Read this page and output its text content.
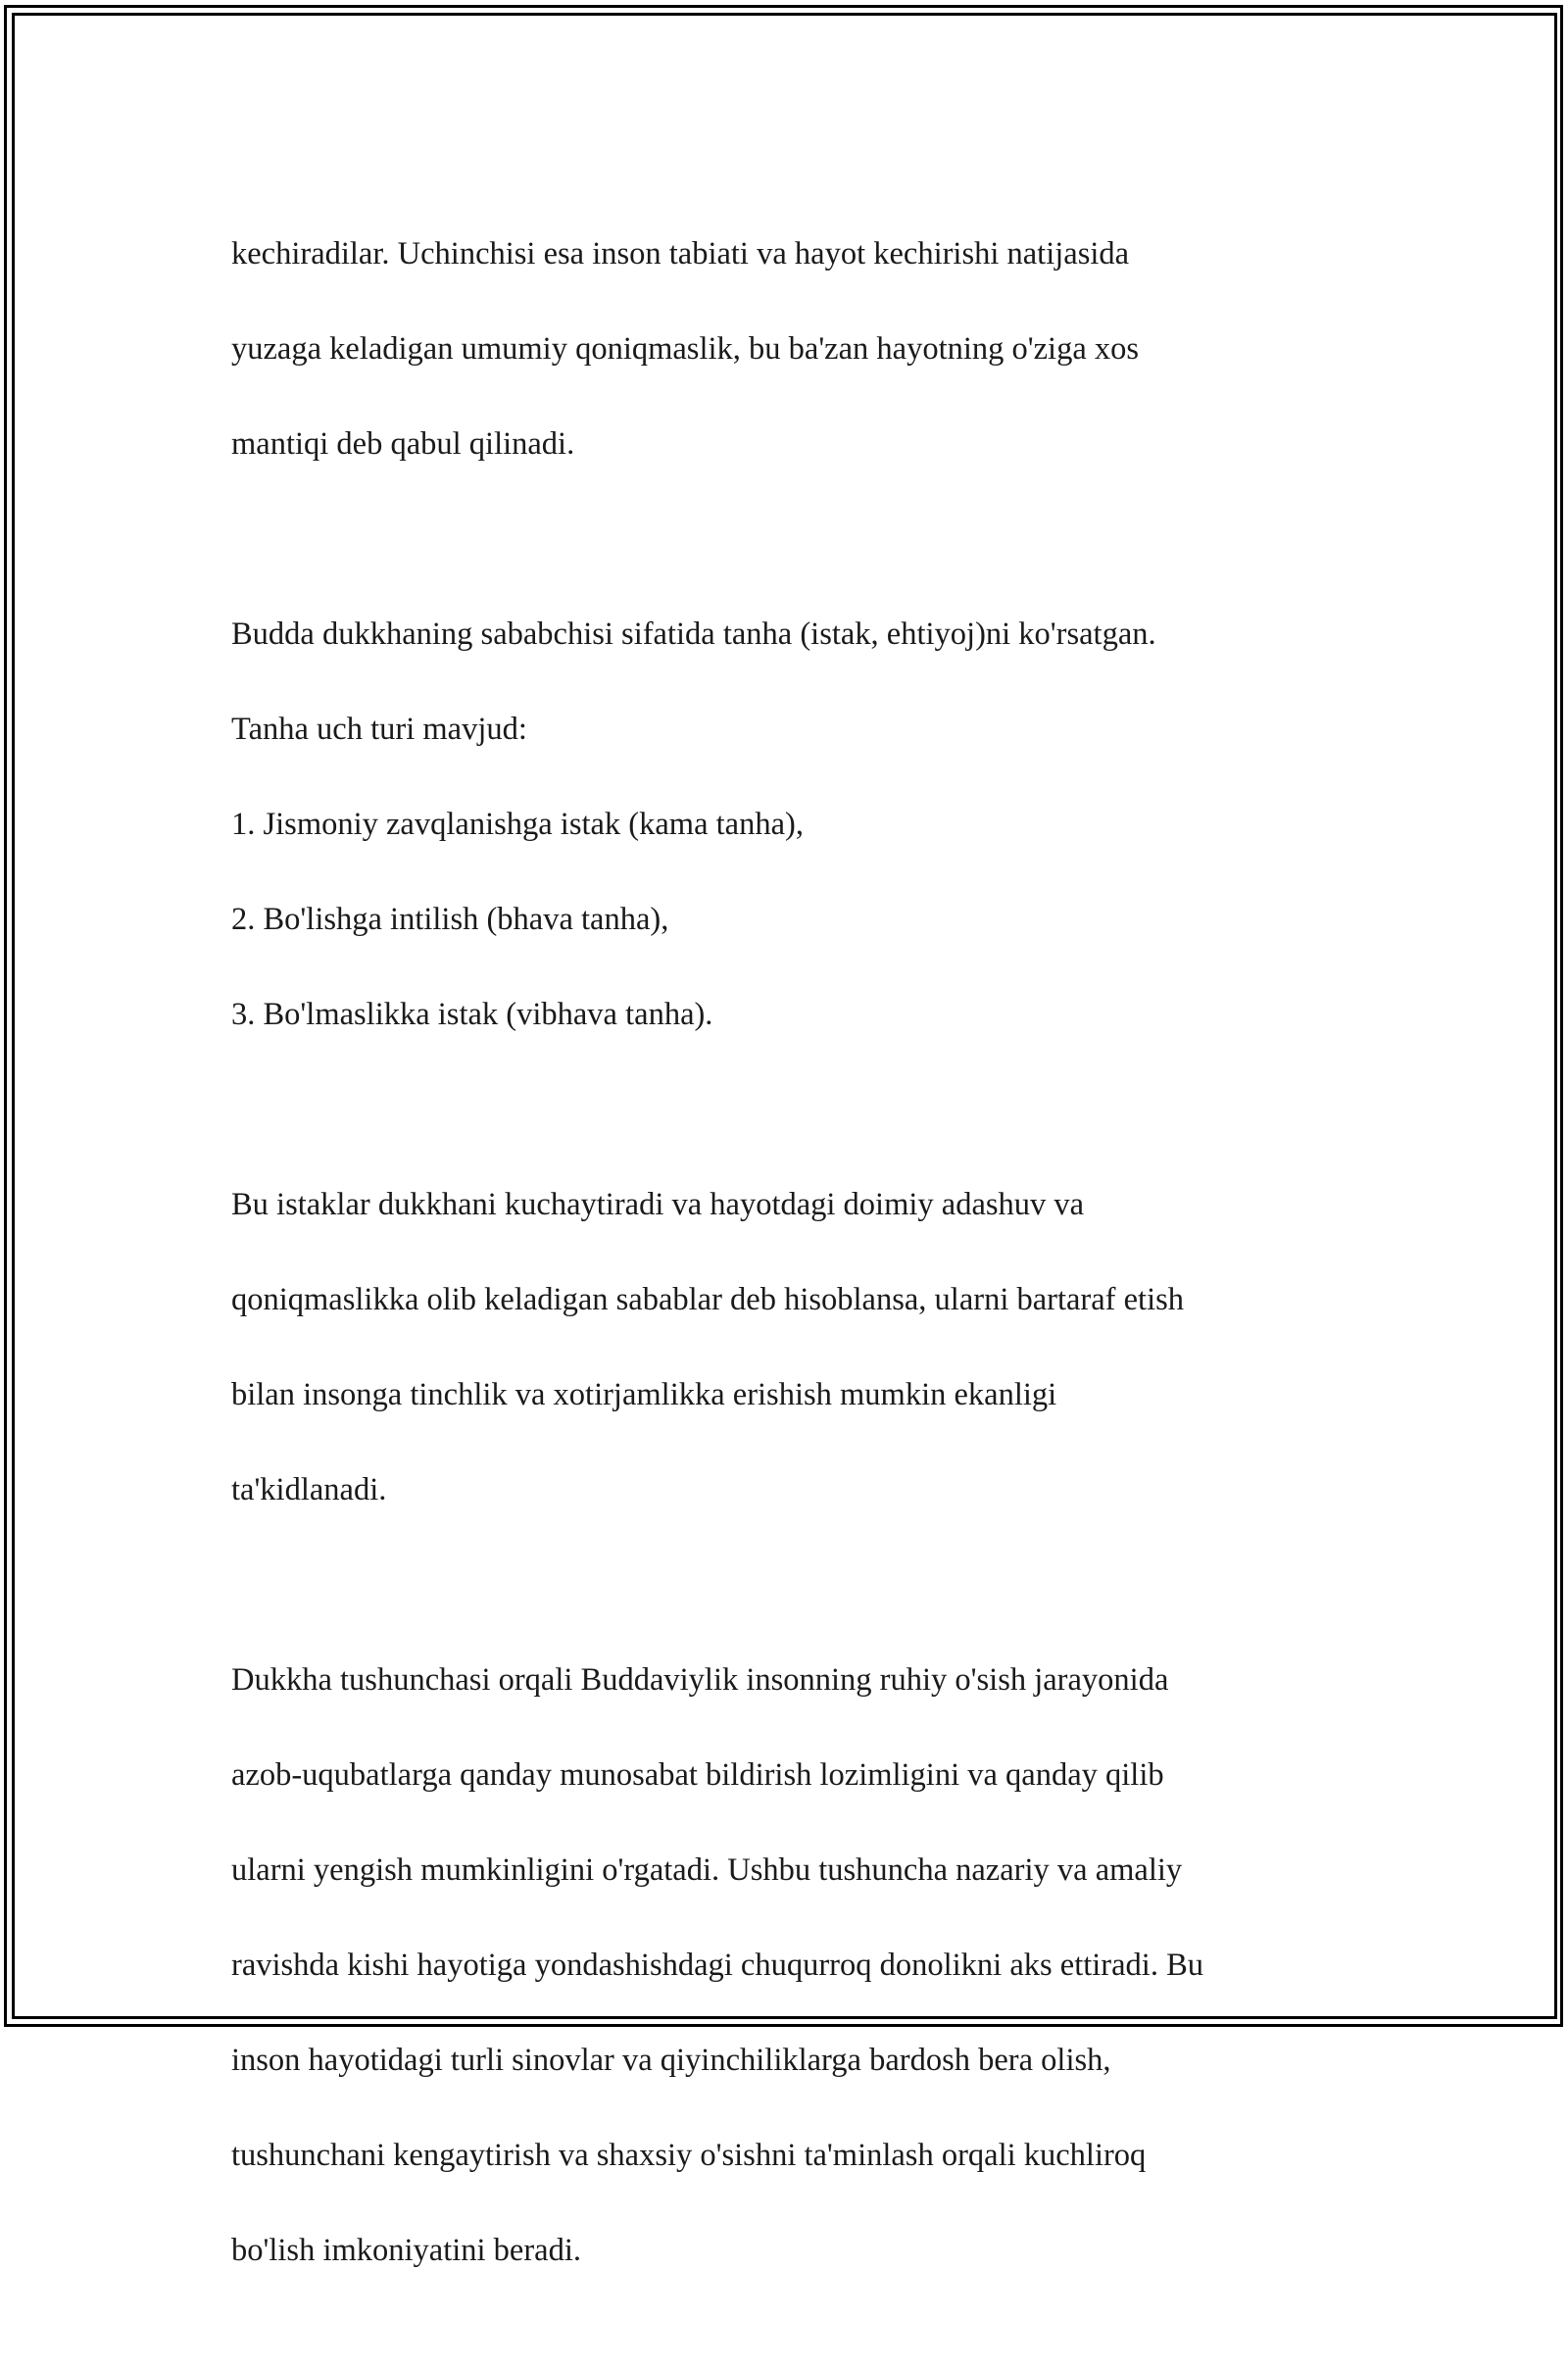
kechiradilar. Uchinchisi esa inson tabiati va hayot kechirishi natijasida

yuzaga keladigan umumiy qoniqmaslik, bu ba'zan hayotning o'ziga xos

mantiqi deb qabul qilinadi.

Budda dukkhaning sababchisi sifatida tanha (istak, ehtiyoj)ni ko'rsatgan.

Tanha uch turi mavjud:

1. Jismoniy zavqlanishga istak (kama tanha),

2. Bo'lishga intilish (bhava tanha),

3. Bo'lmaslikka istak (vibhava tanha).

Bu istaklar dukkhani kuchaytiradi va hayotdagi doimiy adashuv va

qoniqmaslikka olib keladigan sabablar deb hisoblansa, ularni bartaraf etish

bilan insonga tinchlik va xotirjamlikka erishish mumkin ekanligi

ta'kidlanadi.

Dukkha tushunchasi orqali Buddaviylik insonning ruhiy o'sish jarayonida

azob-uqubatlarga qanday munosabat bildirish lozimligini va qanday qilib

ularni yengish mumkinligini o'rgatadi. Ushbu tushuncha nazariy va amaliy

ravishda kishi hayotiga yondashishdagi chuqurroq donolikni aks ettiradi. Bu

inson hayotidagi turli sinovlar va qiyinchiliklarga bardosh bera olish,

tushunchani kengaytirish va shaxsiy o'sishni ta'minlash orqali kuchliroq

bo'lish imkoniyatini beradi.
